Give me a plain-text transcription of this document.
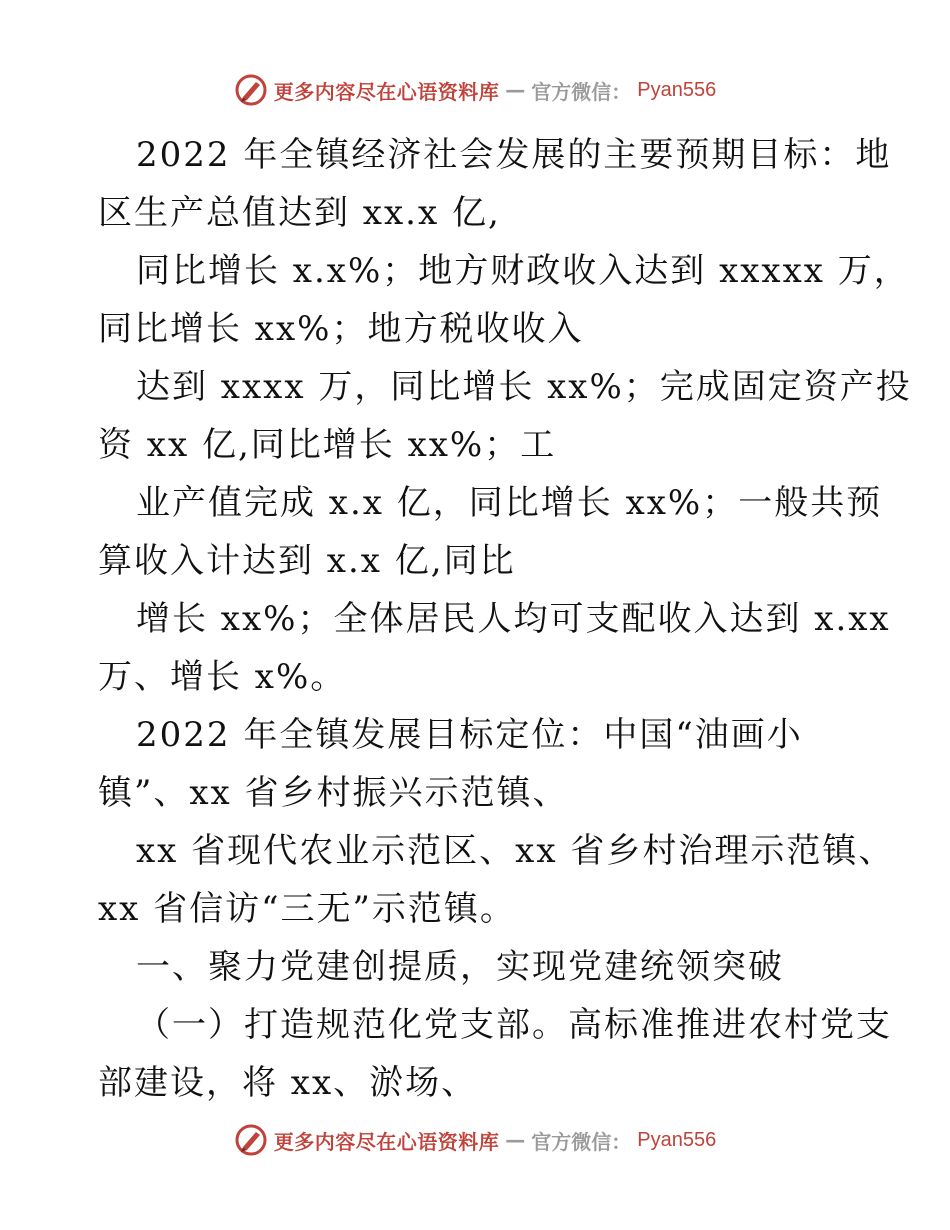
更多内容尽在心语资料库 — 官方微信： Pyan556

2022 年全镇经济社会发展的主要预期目标：地
区生产总值达到 xx.x 亿,
同比增长 x.x%；地方财政收入达到 xxxxx 万，
同比增长 xx%；地方税收收入
达到 xxxx 万，同比增长 xx%；完成固定资产投
资 xx 亿,同比增长 xx%；工
业产值完成 x.x 亿，同比增长 xx%；一般共预
算收入计达到 x.x 亿,同比
增长 xx%；全体居民人均可支配收入达到 x.xx
万、增长 x%。
2022 年全镇发展目标定位：中国“油画小
镇”、xx 省乡村振兴示范镇、
xx 省现代农业示范区、xx 省乡村治理示范镇、
xx 省信访“三无”示范镇。
一、聚力党建创提质，实现党建统领突破
（一）打造规范化党支部。高标准推进农村党支
部建设，将 xx、淤场、

更多内容尽在心语资料库 — 官方微信： Pyan556
